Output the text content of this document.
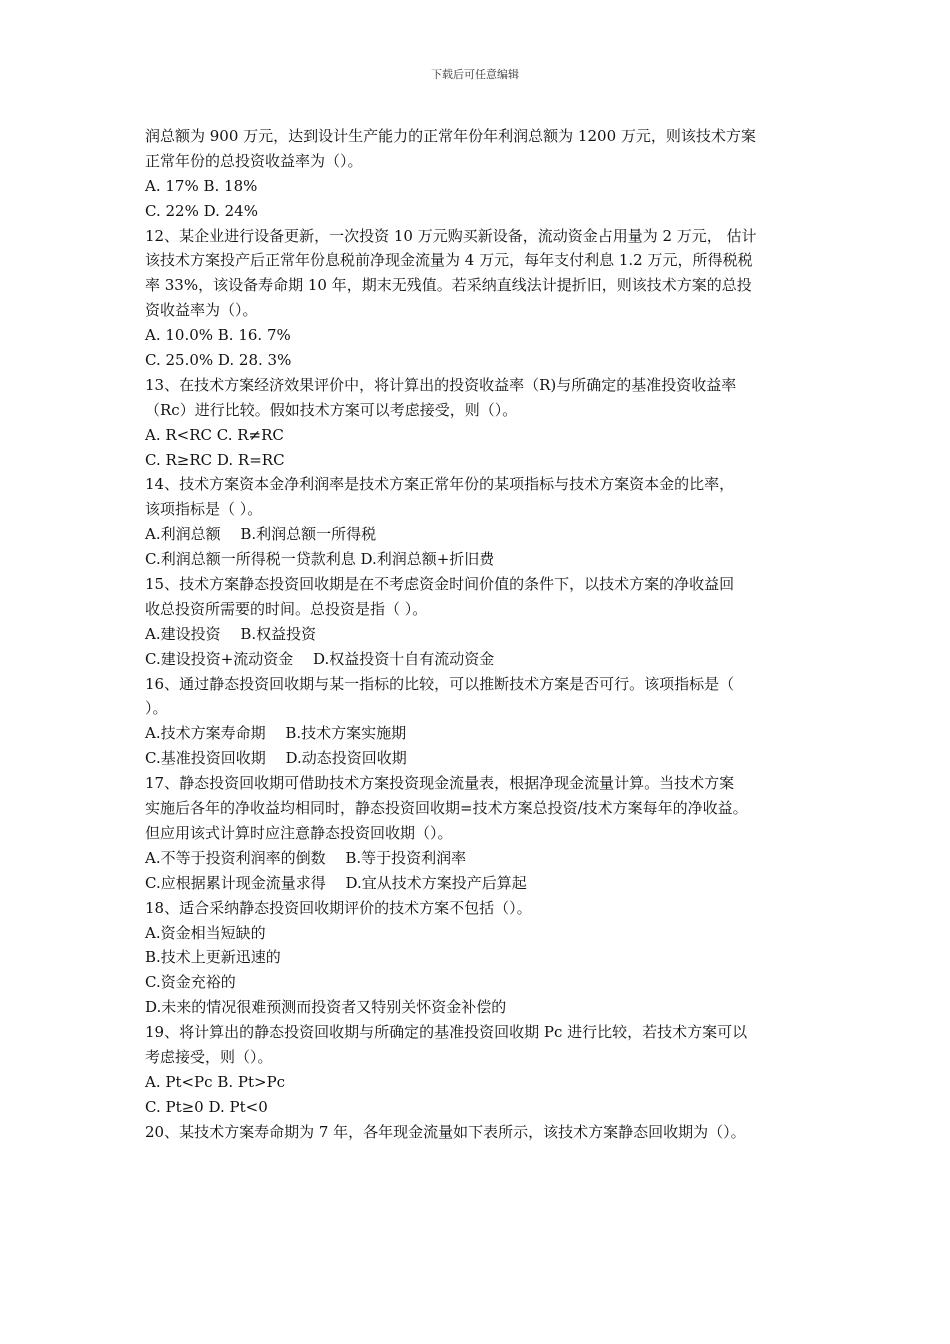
下载后可任意编辑
润总额为 900 万元，达到设计生产能力的正常年份年利润总额为 1200 万元，则该技术方案
正常年份的总投资收益率为（）。
A. 17% B. 18%
C. 22% D. 24%
12、某企业进行设备更新，一次投资 10 万元购买新设备，流动资金占用量为 2 万元， 估计
该技术方案投产后正常年份息税前净现金流量为 4 万元，每年支付利息 1.2 万元，所得税税
率 33%，该设备寿命期 10 年，期末无残值。若采纳直线法计提折旧，则该技术方案的总投
资收益率为（）。
A. 10.0% B. 16. 7%
C. 25.0% D. 28. 3%
13、在技术方案经济效果评价中，将计算出的投资收益率（R)与所确定的基准投资收益率
（Rc）进行比较。假如技术方案可以考虑接受，则（）。
A. R<RC C. R≠RC
C. R≥RC D. R=RC
14、技术方案资本金净利润率是技术方案正常年份的某项指标与技术方案资本金的比率，
该项指标是（ ）。
A.利润总额　 B.利润总额一所得税
C.利润总额一所得税一贷款利息 D.利润总额+折旧费
15、技术方案静态投资回收期是在不考虑资金时间价值的条件下，以技术方案的净收益回
收总投资所需要的时间。总投资是指（ ）。
A.建设投资　 B.权益投资
C.建设投资+流动资金　 D.权益投资十自有流动资金
16、通过静态投资回收期与某一指标的比较，可以推断技术方案是否可行。该项指标是（
）。
A.技术方案寿命期　 B.技术方案实施期
C.基准投资回收期　 D.动态投资回收期
17、静态投资回收期可借助技术方案投资现金流量表，根据净现金流量计算。当技术方案
实施后各年的净收益均相同时，静态投资回收期=技术方案总投资/技术方案每年的净收益。
但应用该式计算时应注意静态投资回收期（）。
A.不等于投资利润率的倒数　 B.等于投资利润率
C.应根据累计现金流量求得　 D.宜从技术方案投产后算起
18、适合采纳静态投资回收期评价的技术方案不包括（）。
A.资金相当短缺的
B.技术上更新迅速的
C.资金充裕的
D.未来的情况很难预测而投资者又特别关怀资金补偿的
19、将计算出的静态投资回收期与所确定的基准投资回收期 Pc 进行比较，若技术方案可以
考虑接受，则（）。
A. Pt<Pc B. Pt>Pc
C. Pt≥0 D. Pt<0
20、某技术方案寿命期为 7 年，各年现金流量如下表所示，该技术方案静态回收期为（）。
